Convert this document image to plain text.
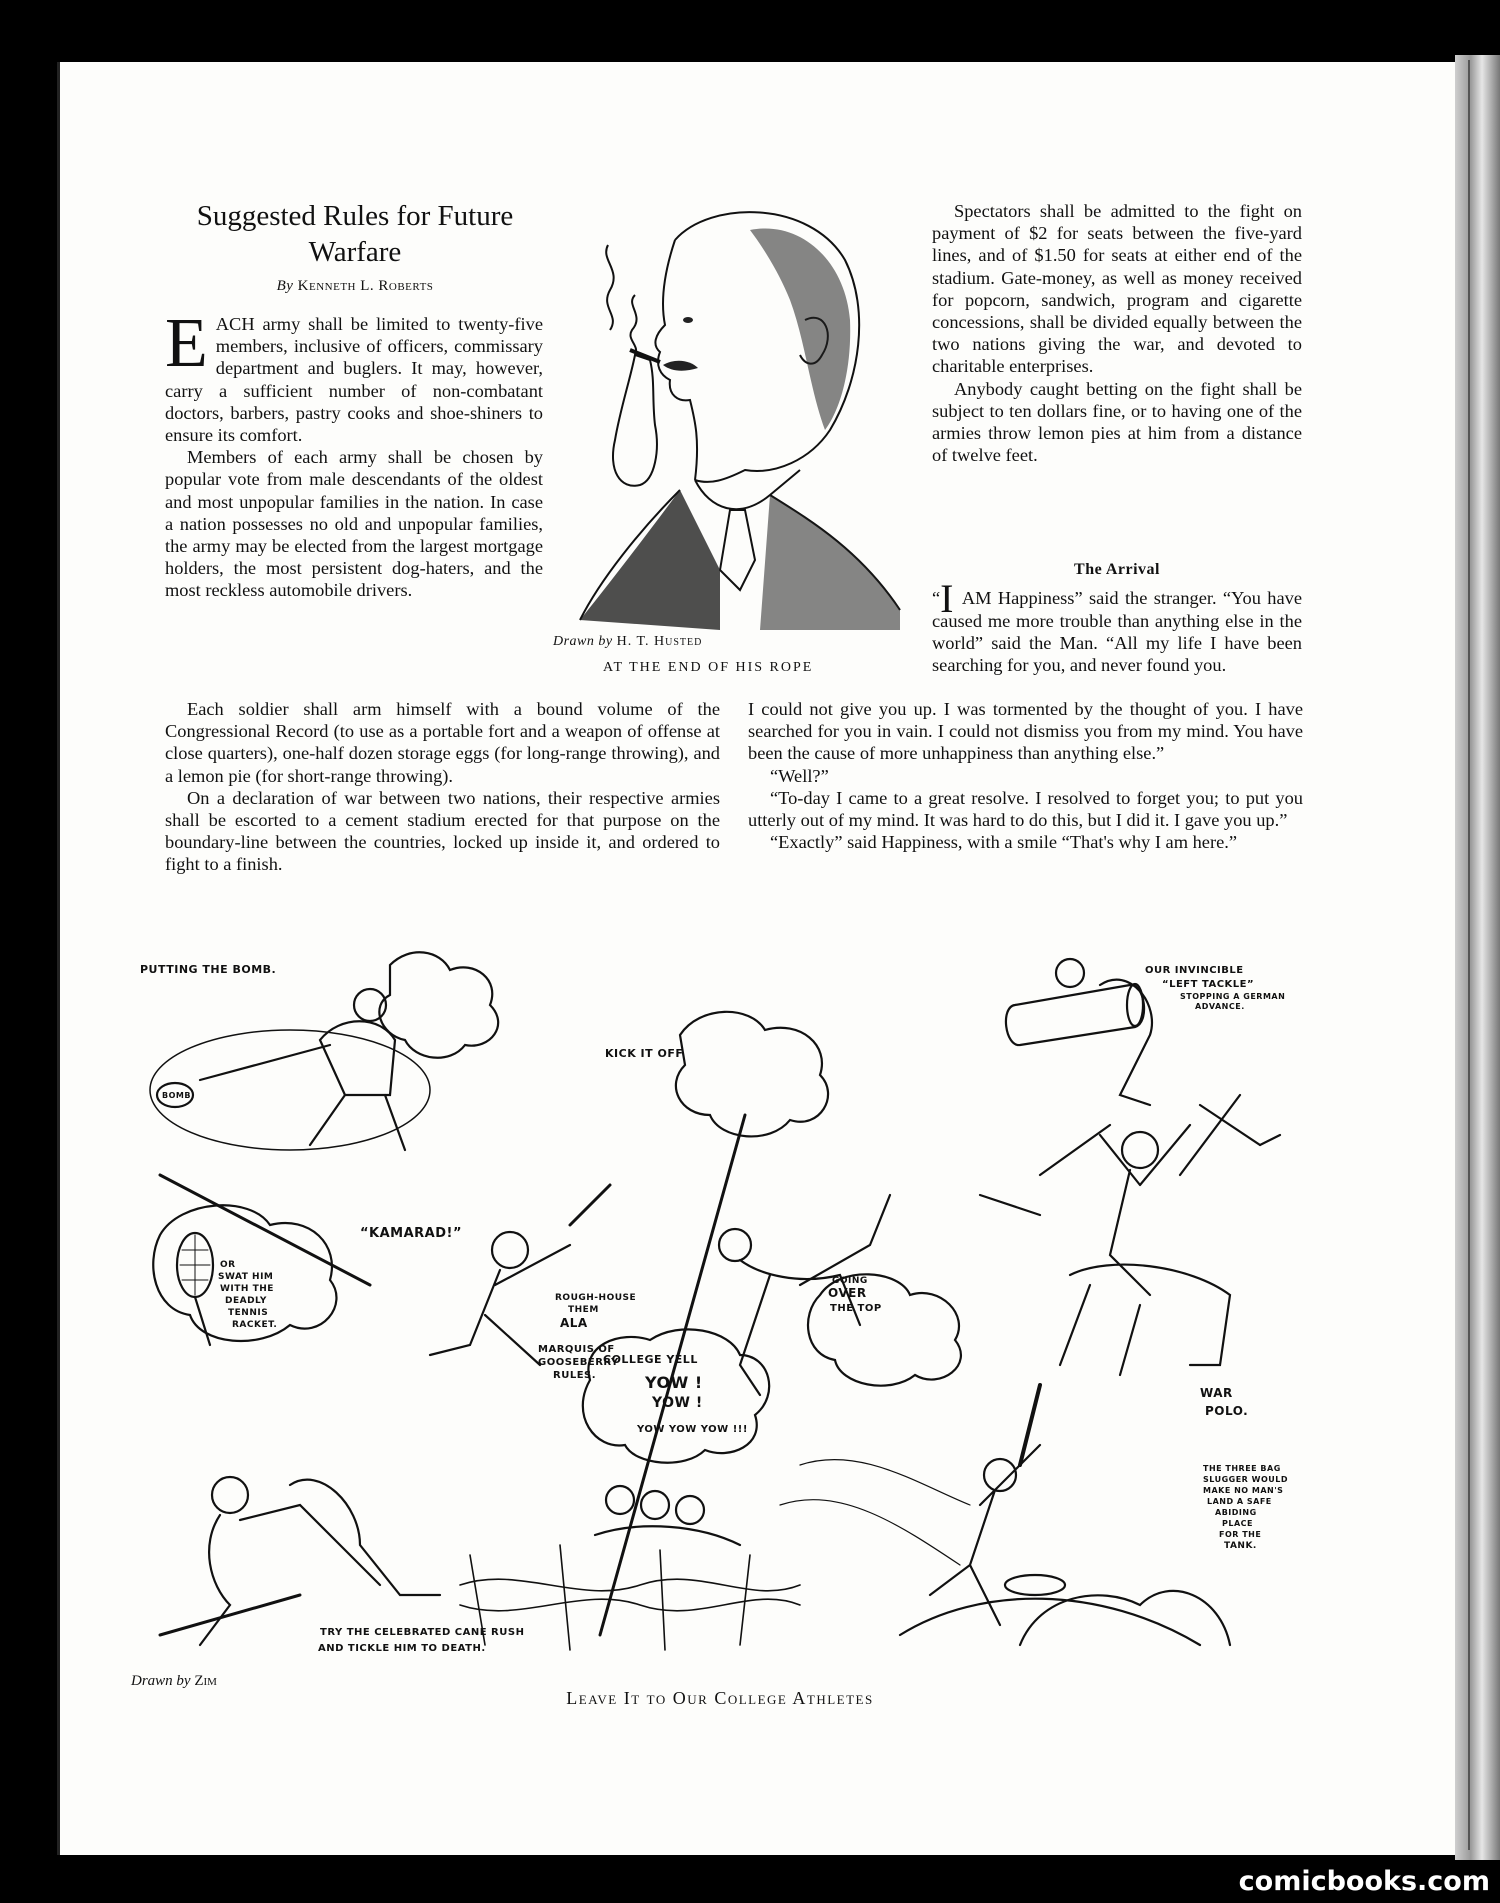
Suggested Rules for Future Warfare
By Kenneth L. Roberts

EACH army shall be limited to twenty-five members, inclusive of officers, commissary department and buglers. It may, however, carry a sufficient number of non-combatant doctors, barbers, pastry cooks and shoe-shiners to ensure its comfort.

Members of each army shall be chosen by popular vote from male descendants of the oldest and most unpopular families in the nation. In case a nation possesses no old and unpopular families, the army may be elected from the largest mortgage holders, the most persistent dog-haters, and the most reckless automobile drivers.

Each soldier shall arm himself with a bound volume of the Congressional Record (to use as a portable fort and a weapon of offense at close quarters), one-half dozen storage eggs (for long-range throwing), and a lemon pie (for short-range throwing).

On a declaration of war between two nations, their respective armies shall be escorted to a cement stadium erected for that purpose on the boundary-line between the countries, locked up inside it, and ordered to fight to a finish.

Spectators shall be admitted to the fight on payment of $2 for seats between the five-yard lines, and of $1.50 for seats at either end of the stadium. Gate-money, as well as money received for popcorn, sandwich, program and cigarette concessions, shall be divided equally between the two nations giving the war, and devoted to charitable enterprises.

Anybody caught betting on the fight shall be subject to ten dollars fine, or to having one of the armies throw lemon pies at him from a distance of twelve feet.

The Arrival

“I AM Happiness” said the stranger. “You have caused me more trouble than anything else in the world” said the Man. “All my life I have been searching for you, and never found you.

I could not give you up. I was tormented by the thought of you. I have searched for you in vain. I could not dismiss you from my mind. You have been the cause of more unhappiness than anything else.”

“Well?”

“To-day I came to a great resolve. I resolved to forget you; to put you utterly out of my mind. It was hard to do this, but I did it. I gave you up.”

“Exactly” said Happiness, with a smile “That's why I am here.”

Drawn by H. T. Husted
AT THE END OF HIS ROPE
PUTTING THE BOMB.
BOMB
KICK IT OFF
OUR INVINCIBLE
“LEFT TACKLE”
STOPPING A GERMAN
ADVANCE.
“KAMARAD!”
OR
SWAT HIM
WITH THE
DEADLY
TENNIS
RACKET.
ROUGH-HOUSE
THEM
ALA
MARQUIS OF
GOOSEBERRY
RULES.
GOING
OVER
THE TOP
COLLEGE YELL
YOW !
YOW !
YOW YOW YOW !!!
WAR
POLO.
THE THREE BAG
SLUGGER WOULD
MAKE NO MAN'S
LAND A SAFE
ABIDING
PLACE
FOR THE
TANK.
TRY THE CELEBRATED CANE RUSH
AND TICKLE HIM TO DEATH.
Drawn by Zim
Leave It to Our College Athletes
comicbooks.com
